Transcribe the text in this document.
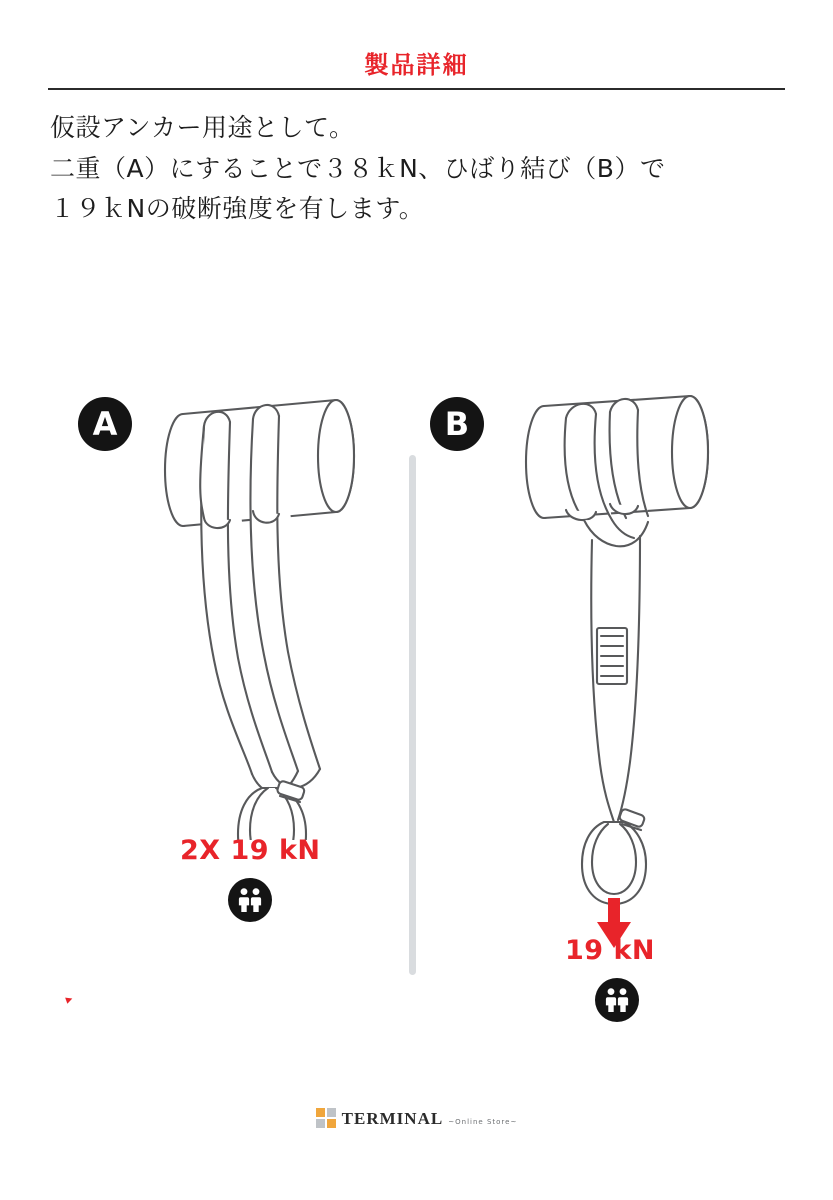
製品詳細

仮設アンカー用途として。

二重（A）にすることで３８ｋN、ひばり結び（B）で

１９ｋNの破断強度を有します。

A	B
2X 19 kN
19 kN
▸
TERMINAL ~Online Store~
